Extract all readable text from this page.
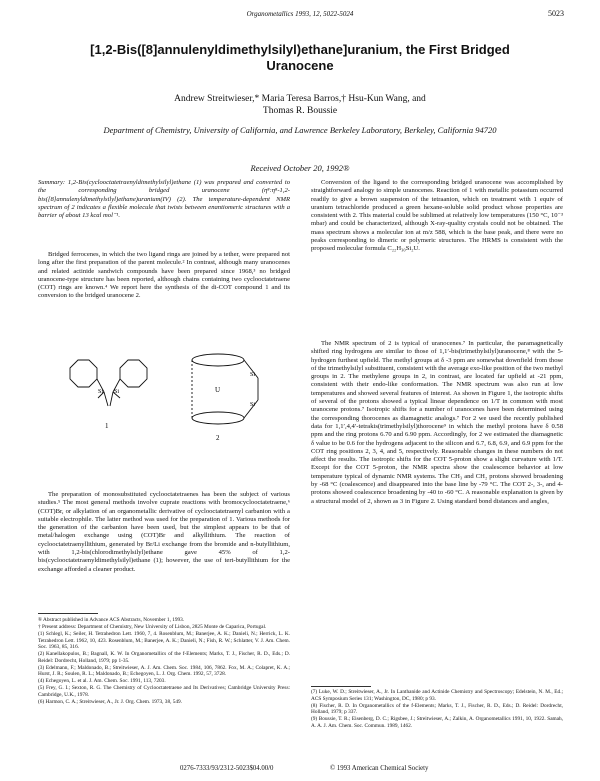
Organometallics 1993, 12, 5022-5024	5023
[1,2-Bis([8]annulenyldimethylsilyl)ethane]uranium, the First Bridged Uranocene
Andrew Streitwieser,* Maria Teresa Barros,† Hsu-Kun Wang, and
Thomas R. Boussie
Department of Chemistry, University of California, and Lawrence Berkeley Laboratory, Berkeley, California 94720
Received October 20, 1992®
Summary: 1,2-Bis(cyclooctatetraenyldimethylsilyl)ethane (1) was prepared and converted to the corresponding bridged uranocene (η⁸:η⁸-1,2-bis([8]annulenyldimethylsilyl)ethane)uranium(IV) (2). The temperature-dependent NMR spectrum of 2 indicates a flexible molecule that twists between enantiomeric structures with a barrier of about 13 kcal mol⁻¹.

Bridged ferrocenes, in which the two ligand rings are joined by a tether, were prepared not long after the first preparation of the parent molecule.² In contrast, although many uranocenes and related actinide sandwich compounds have been prepared since 1968,³ no bridged uranocene-type structure has been reported, although chains containing two cyclooctatetraene (COT) rings are known.⁴ We report here the synthesis of the di-COT compound 1 and its conversion to the bridged uranocene 2.

Si Si
1
U
Si
Si
2

The preparation of monosubstituted cyclooctatetraenes has been the subject of various studies.⁵ The most general methods involve cuprate reactions with bromocyclooctatetraene,⁶ (COT)Br, or alkylation of an organometallic derivative of cyclooctatetraenyl carbanion with a suitable electrophile. The latter method was used for the preparation of 1. Various methods for the generation of the carbanion have been used, but the simplest appears to be that of metal/halogen exchange using (COT)Br and alkyllithium. The reaction of cyclooctatetraenyllithium, generated by Br/Li exchange from the bromide and n-butyllithium, with 1,2-bis(chlorodimethylsilyl)ethane gave 45% of 1,2-bis(cyclooctatetraenyldimethylsilyl)ethane (1); however, the use of tert-butyllithium for the exchange afforded a cleaner product.

Conversion of the ligand to the corresponding bridged uranocene was accomplished by straightforward analogy to simple uranocenes. Reaction of 1 with metallic potassium occurred readily to give a brown suspension of the tetraanion, which on treatment with 1 equiv of uranium tetrachloride produced a green hexane-soluble solid product whose properties are consistent with 2. This material could be sublimed at relatively low temperatures (150 °C, 10⁻³ mbar) and could be characterized, although X-ray-quality crystals could not be obtained. The mass spectrum shows a molecular ion at m/z 588, which is the base peak, and there were no peaks corresponding to dimeric or polymeric structures. The HRMS is consistent with the proposed molecular formula C₂₂H₃₀Si₂U.

The NMR spectrum of 2 is typical of uranocenes.⁷ In particular, the paramagnetically shifted ring hydrogens are similar to those of 1,1′-bis(trimethylsilyl)uranocene,⁸ with the 5-hydrogen furthest upfield. The methyl groups at δ -3 ppm are somewhat downfield from those of the trimethylsilyl substituent, consistent with the average exo-like position of the two methyl groups in 2. The methylene groups in 2, in contrast, are located far upfield at -21 ppm, consistent with their endo-like conformation. The NMR spectrum was also run at low temperatures and showed several features of interest. As shown in Figure 1, the isotropic shifts of several of the protons showed a typical linear dependence on 1/T in common with most uranocene protons.⁷ Isotropic shifts for a number of uranocenes have been determined using the corresponding thorocenes as diamagnetic analogs.⁷ For 2 we used the recently published data for 1,1′,4,4′-tetrakis(trimethylsilyl)thorocene⁹ in which the methyl protons have δ 0.58 ppm and the ring protons 6.70 and 6.90 ppm. Accordingly, for 2 we estimated the diamagnetic δ value to be 0.6 for the hydrogens adjacent to the silicon and 6.7, 6.8, 6.9, and 6.9 ppm for the COT ring positions 2, 3, 4, and 5, respectively. Reasonable changes in these numbers do not affect the results. The isotropic shifts for the COT 5-proton show a slight curvature with 1/T. Except for the COT 5-proton, the NMR spectra show the coalescence behavior at low temperature typical of dynamic NMR systems. The CH₃ and CH₂ protons showed broadening by -68 °C (coalescence) and disappeared into the base line by -79 °C. The COT 2-, 3-, and 4-protons showed coalescence broadening by -40 to -60 °C. A reasonable explanation is given by a structural model of 2, shown as 3 in Figure 2. Using standard bond distances and angles,

® Abstract published in Advance ACS Abstracts, November 1, 1993.
† Present address: Department of Chemistry, New University of Lisbon, 2825 Monte de Caparica, Portugal.
(1) Schlegl, K.; Seiler, H. Tetrahedron Lett. 1960, 7, 4. Rosenblum, M.; Banerjee, A. K.; Danieli, N.; Herrick, L. K. Tetrahedron Lett. 1962, 10, 423. Rosenblum, M.; Banerjee, A. K.; Danieli, N.; Fish, R. W.; Schlatter, V. J. Am. Chem. Soc. 1963, 85, 316.
(2) Kanellakopulos, B.; Bagnall, K. W. In Organometallics of the f-Elements; Marks, T. J., Fischer, R. D., Eds.; D. Reidel: Dordrecht, Holland, 1979; pp 1-35.
(3) Edelmann, F.; Maldonado, B.; Streitwieser, A. J. Am. Chem. Soc. 1984, 106, 7862. Fox, M. A.; Colapret, K. A.; Hurst, J. R.; Soulen, R. L.; Maldonado, B.; Echegoyen, L. J. Org. Chem. 1992, 57, 3728.
(4) Echegoyen, L. et al. J. Am. Chem. Soc. 1991, 113, 7203.
(5) Frey, G. I.; Sexton, R. G. The Chemistry of Cyclooctatetraene and Its Derivatives; Cambridge University Press: Cambridge, U.K., 1978.
(6) Harmon, C. A.; Streitwieser, A., Jr. J. Org. Chem. 1973, 38, 549.
(7) Luke, W. D.; Streitwieser, A., Jr. In Lanthanide and Actinide Chemistry and Spectroscopy; Edelstein, N. M., Ed.; ACS Symposium Series 131; Washington, DC, 1980; p 93.
(8) Fischer, R. D. In Organometallics of the f-Elements; Marks, T. J., Fischer, R. D., Eds.; D. Reidel: Dordrecht, Holland, 1979; p 337.
(9) Boussie, T. R.; Eisenberg, D. C.; Rigsbee, J.; Streitwieser, A.; Zalkin, A. Organometallics 1991, 10, 1922. Samah, A. A. J. Am. Chem. Soc. Commun. 1989, 1462.
0276-7333/93/2312-5023$04.00/0	© 1993 American Chemical Society
